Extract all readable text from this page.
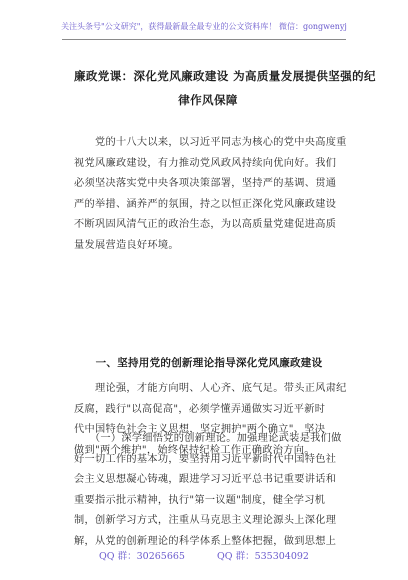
关注头条号"公文研究"，获得最新最全最专业的公文资料库！ 微信：gongwenyj
廉政党课：深化党风廉政建设 为高质量发展提供坚强的纪
律作风保障
　　党的十八大以来，以习近平同志为核心的党中央高度重
视党风廉政建设，有力推动党风政风持续向优向好。我们
必须坚决落实党中央各项决策部署，坚持严的基调、贯通
严的举措、涵养严的氛围，持之以恒正深化党风廉政建设
不断巩固风清气正的政治生态，为以高质量党建促进高质
量发展营造良好环境。
　　一、坚持用党的创新理论指导深化党风廉政建设
　　理论强，才能方向明、人心齐、底气足。带头正风肃纪
反腐，践行"以高促高"，必须学懂弄通做实习近平新时
代中国特色社会主义思想，坚定拥护"两个确立"、坚决
做到"两个维护"，始终保持纪检工作正确政治方向。
　　（一）深学细悟党的创新理论。加强理论武装是我们做
好一切工作的基本功，要坚持用习近平新时代中国特色社
会主义思想凝心铸魂，跟进学习习近平总书记重要讲话和
重要指示批示精神，执行"第一议题"制度，健全学习机
制，创新学习方式，注重从马克思主义理论源头上深化理
解，从党的创新理论的科学体系上整体把握，做到思想上
QQ 群：30265665	QQ 群：535304092
